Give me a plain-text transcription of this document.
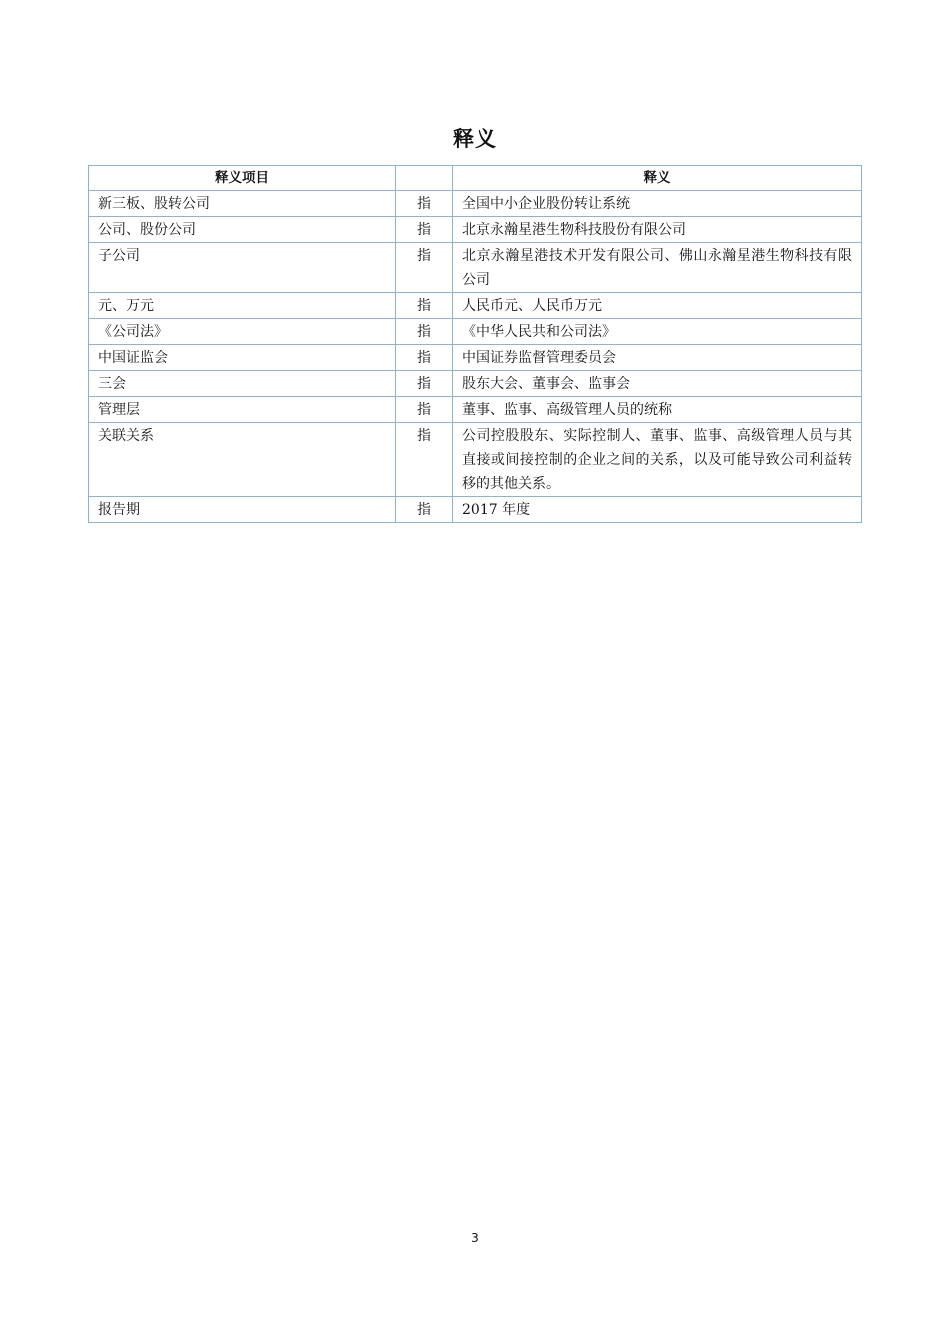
释义
释义项目		释义
新三板、股转公司	指	全国中小企业股份转让系统
公司、股份公司	指	北京永瀚星港生物科技股份有限公司
子公司	指	北京永瀚星港技术开发有限公司、佛山永瀚星港生物科技有限公司
元、万元	指	人民币元、人民币万元
《公司法》	指	《中华人民共和公司法》
中国证监会	指	中国证券监督管理委员会
三会	指	股东大会、董事会、监事会
管理层	指	董事、监事、高级管理人员的统称
关联关系	指	公司控股股东、实际控制人、董事、监事、高级管理人员与其直接或间接控制的企业之间的关系，以及可能导致公司利益转移的其他关系。
报告期	指	2017 年度
3
